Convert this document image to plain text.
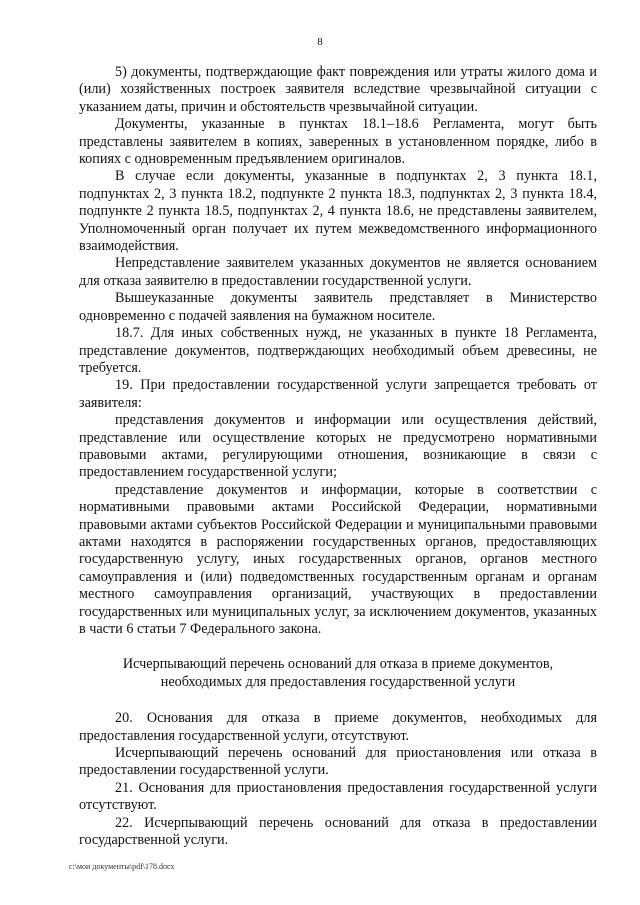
8

5) документы, подтверждающие факт повреждения или утраты жилого дома и (или) хозяйственных построек заявителя вследствие чрезвычайной ситуации с указанием даты, причин и обстоятельств чрезвычайной ситуации.

Документы, указанные в пунктах 18.1–18.6 Регламента, могут быть представлены заявителем в копиях, заверенных в установленном порядке, либо в копиях с одновременным предъявлением оригиналов.

В случае если документы, указанные в подпунктах 2, 3 пункта 18.1, подпунктах 2, 3 пункта 18.2, подпункте 2 пункта 18.3, подпунктах 2, 3 пункта 18.4, подпункте 2 пункта 18.5, подпунктах 2, 4 пункта 18.6, не представлены заявителем, Уполномоченный орган получает их путем межведомственного информационного взаимодействия.

Непредставление заявителем указанных документов не является основанием для отказа заявителю в предоставлении государственной услуги.

Вышеуказанные документы заявитель представляет в Министерство одновременно с подачей заявления на бумажном носителе.

18.7. Для иных собственных нужд, не указанных в пункте 18 Регламента, представление документов, подтверждающих необходимый объем древесины, не требуется.

19. При предоставлении государственной услуги запрещается требовать от заявителя:

представления документов и информации или осуществления действий, представление или осуществление которых не предусмотрено нормативными правовыми актами, регулирующими отношения, возникающие в связи с предоставлением государственной услуги;

представление документов и информации, которые в соответствии с нормативными правовыми актами Российской Федерации, нормативными правовыми актами субъектов Российской Федерации и муниципальными правовыми актами находятся в распоряжении государственных органов, предоставляющих государственную услугу, иных государственных органов, органов местного самоуправления и (или) подведомственных государственным органам и органам местного самоуправления организаций, участвующих в предоставлении государственных или муниципальных услуг, за исключением документов, указанных в части 6 статьи 7 Федерального закона.

Исчерпывающий перечень оснований для отказа в приеме документов, необходимых для предоставления государственной услуги

20. Основания для отказа в приеме документов, необходимых для предоставления государственной услуги, отсутствуют.

Исчерпывающий перечень оснований для приостановления или отказа в предоставлении государственной услуги.

21. Основания для приостановления предоставления государственной услуги отсутствуют.

22. Исчерпывающий перечень оснований для отказа в предоставлении государственной услуги.

c:\мои документы\pdf\178.docx
